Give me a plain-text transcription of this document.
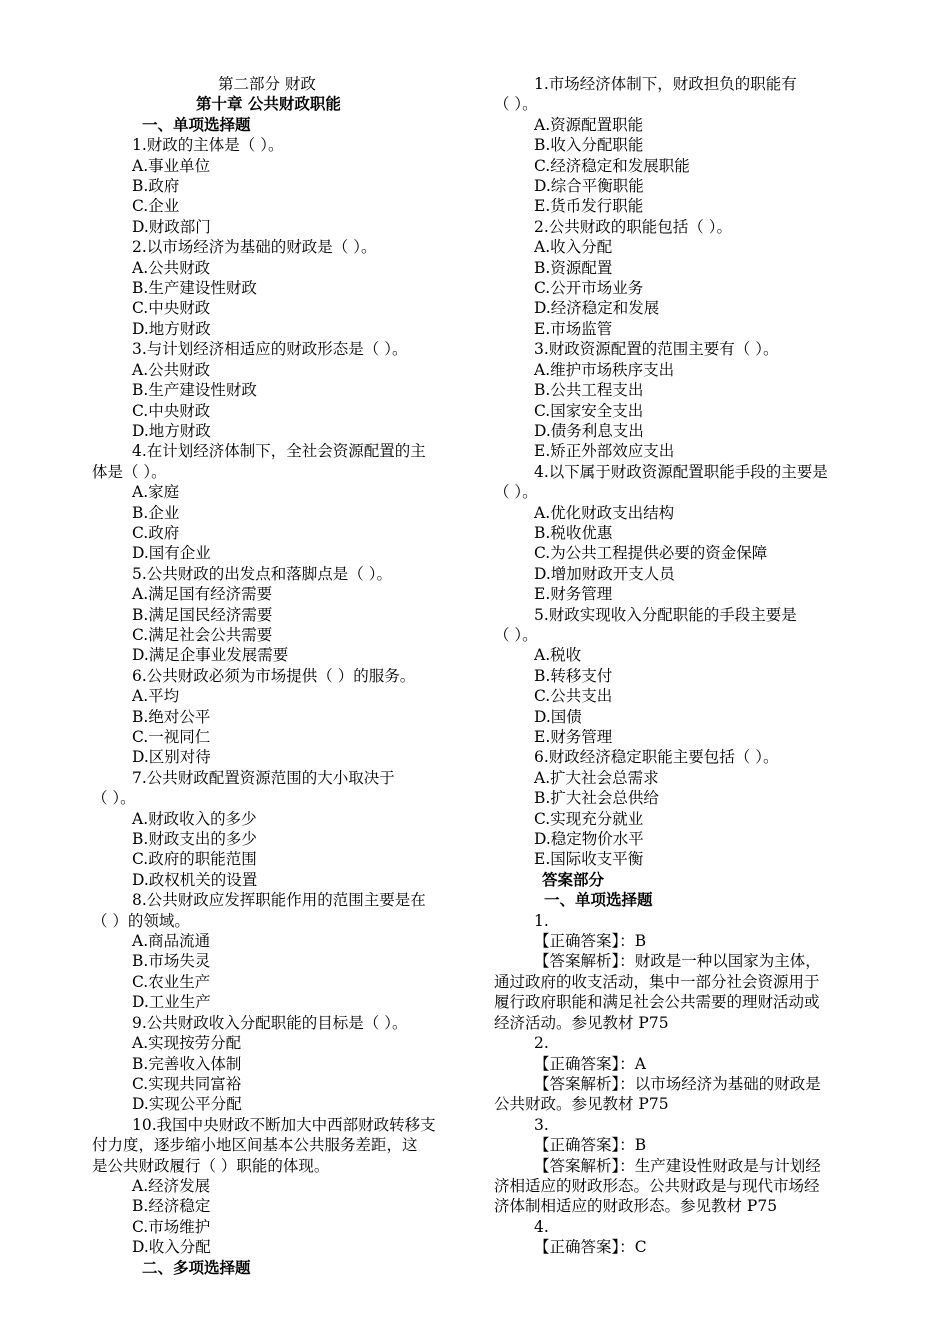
第二部分 财政
第十章 公共财政职能
一、单项选择题
1.财政的主体是（ ）。
A.事业单位
B.政府
C.企业
D.财政部门
2.以市场经济为基础的财政是（ ）。
A.公共财政
B.生产建设性财政
C.中央财政
D.地方财政
3.与计划经济相适应的财政形态是（ ）。
A.公共财政
B.生产建设性财政
C.中央财政
D.地方财政
4.在计划经济体制下，全社会资源配置的主
体是（ ）。
A.家庭
B.企业
C.政府
D.国有企业
5.公共财政的出发点和落脚点是（ ）。
A.满足国有经济需要
B.满足国民经济需要
C.满足社会公共需要
D.满足企事业发展需要
6.公共财政必须为市场提供（ ）的服务。
A.平均
B.绝对公平
C.一视同仁
D.区别对待
7.公共财政配置资源范围的大小取决于
（ ）。
A.财政收入的多少
B.财政支出的多少
C.政府的职能范围
D.政权机关的设置
8.公共财政应发挥职能作用的范围主要是在
（ ）的领域。
A.商品流通
B.市场失灵
C.农业生产
D.工业生产
9.公共财政收入分配职能的目标是（ ）。
A.实现按劳分配
B.完善收入体制
C.实现共同富裕
D.实现公平分配
10.我国中央财政不断加大中西部财政转移支
付力度，逐步缩小地区间基本公共服务差距，这
是公共财政履行（ ）职能的体现。
A.经济发展
B.经济稳定
C.市场维护
D.收入分配
二、多项选择题
1.市场经济体制下，财政担负的职能有
（ ）。
A.资源配置职能
B.收入分配职能
C.经济稳定和发展职能
D.综合平衡职能
E.货币发行职能
2.公共财政的职能包括（ ）。
A.收入分配
B.资源配置
C.公开市场业务
D.经济稳定和发展
E.市场监管
3.财政资源配置的范围主要有（ ）。
A.维护市场秩序支出
B.公共工程支出
C.国家安全支出
D.债务利息支出
E.矫正外部效应支出
4.以下属于财政资源配置职能手段的主要是
（ ）。
A.优化财政支出结构
B.税收优惠
C.为公共工程提供必要的资金保障
D.增加财政开支人员
E.财务管理
5.财政实现收入分配职能的手段主要是
（ ）。
A.税收
B.转移支付
C.公共支出
D.国债
E.财务管理
6.财政经济稳定职能主要包括（ ）。
A.扩大社会总需求
B.扩大社会总供给
C.实现充分就业
D.稳定物价水平
E.国际收支平衡
答案部分
一、单项选择题
1.
【正确答案】：B
【答案解析】：财政是一种以国家为主体，
通过政府的收支活动，集中一部分社会资源用于
履行政府职能和满足社会公共需要的理财活动或
经济活动。参见教材 P75
2.
【正确答案】：A
【答案解析】：以市场经济为基础的财政是
公共财政。参见教材 P75
3.
【正确答案】：B
【答案解析】：生产建设性财政是与计划经
济相适应的财政形态。公共财政是与现代市场经
济体制相适应的财政形态。参见教材 P75
4.
【正确答案】：C
